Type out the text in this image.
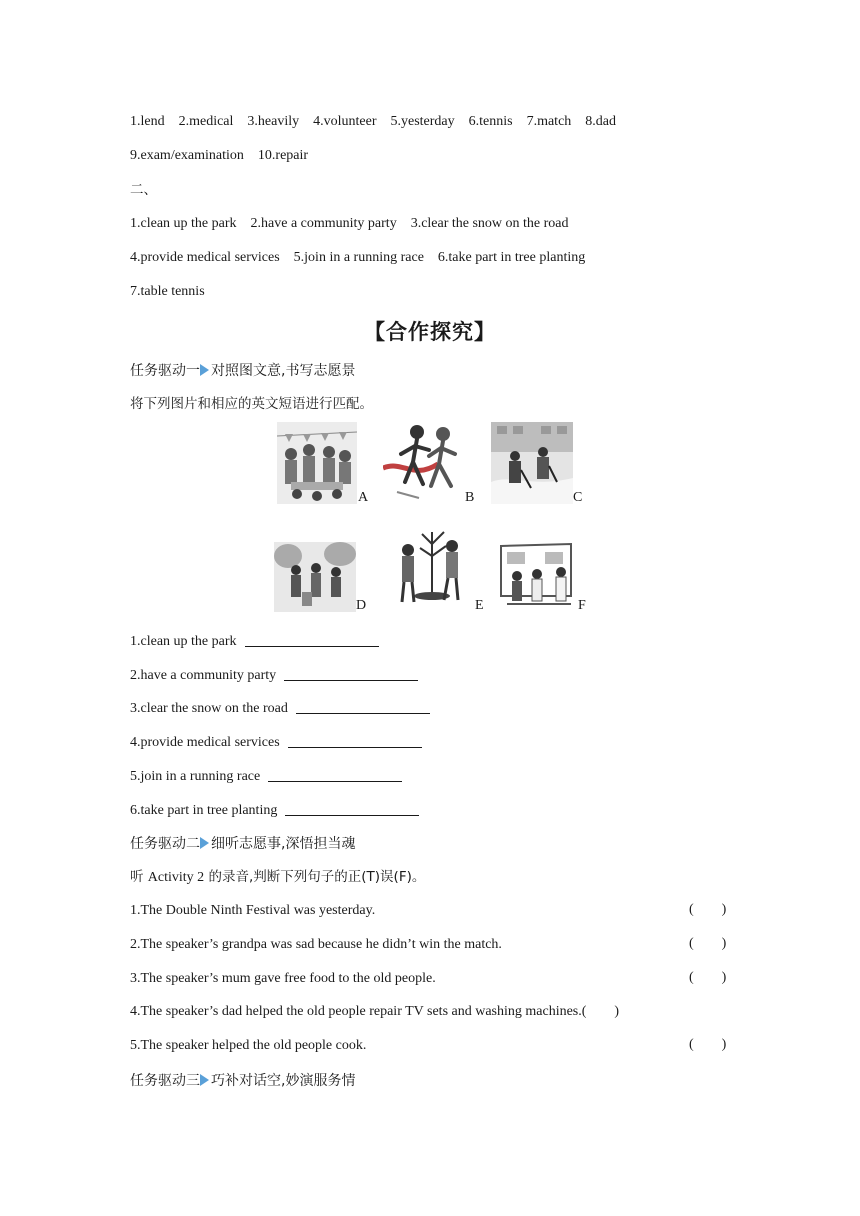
1.lend    2.medical    3.heavily    4.volunteer    5.yesterday    6.tennis    7.match    8.dad
9.exam/examination    10.repair
二、
1.clean up the park    2.have a community party    3.clear the snow on the road
4.provide medical services    5.join in a running race    6.take part in tree planting
7.table tennis
【合作探究】
任务驱动一 对照图文意,书写志愿景
将下列图片和相应的英文短语进行匹配。
A	B	C
D	E	F
1.clean up the park
2.have a community party
3.clear the snow on the road
4.provide medical services
5.join in a running race
6.take part in tree planting
任务驱动二 细听志愿事,深悟担当魂
听 Activity 2 的录音,判断下列句子的正(T)误(F)。
1.The Double Ninth Festival was yesterday.	(        )
2.The speaker’s grandpa was sad because he didn’t win the match.	(        )
3.The speaker’s mum gave free food to the old people.	(        )
4.The speaker’s dad helped the old people repair TV sets and washing machines.(        )
5.The speaker helped the old people cook.	(        )
任务驱动三 巧补对话空,妙演服务情
